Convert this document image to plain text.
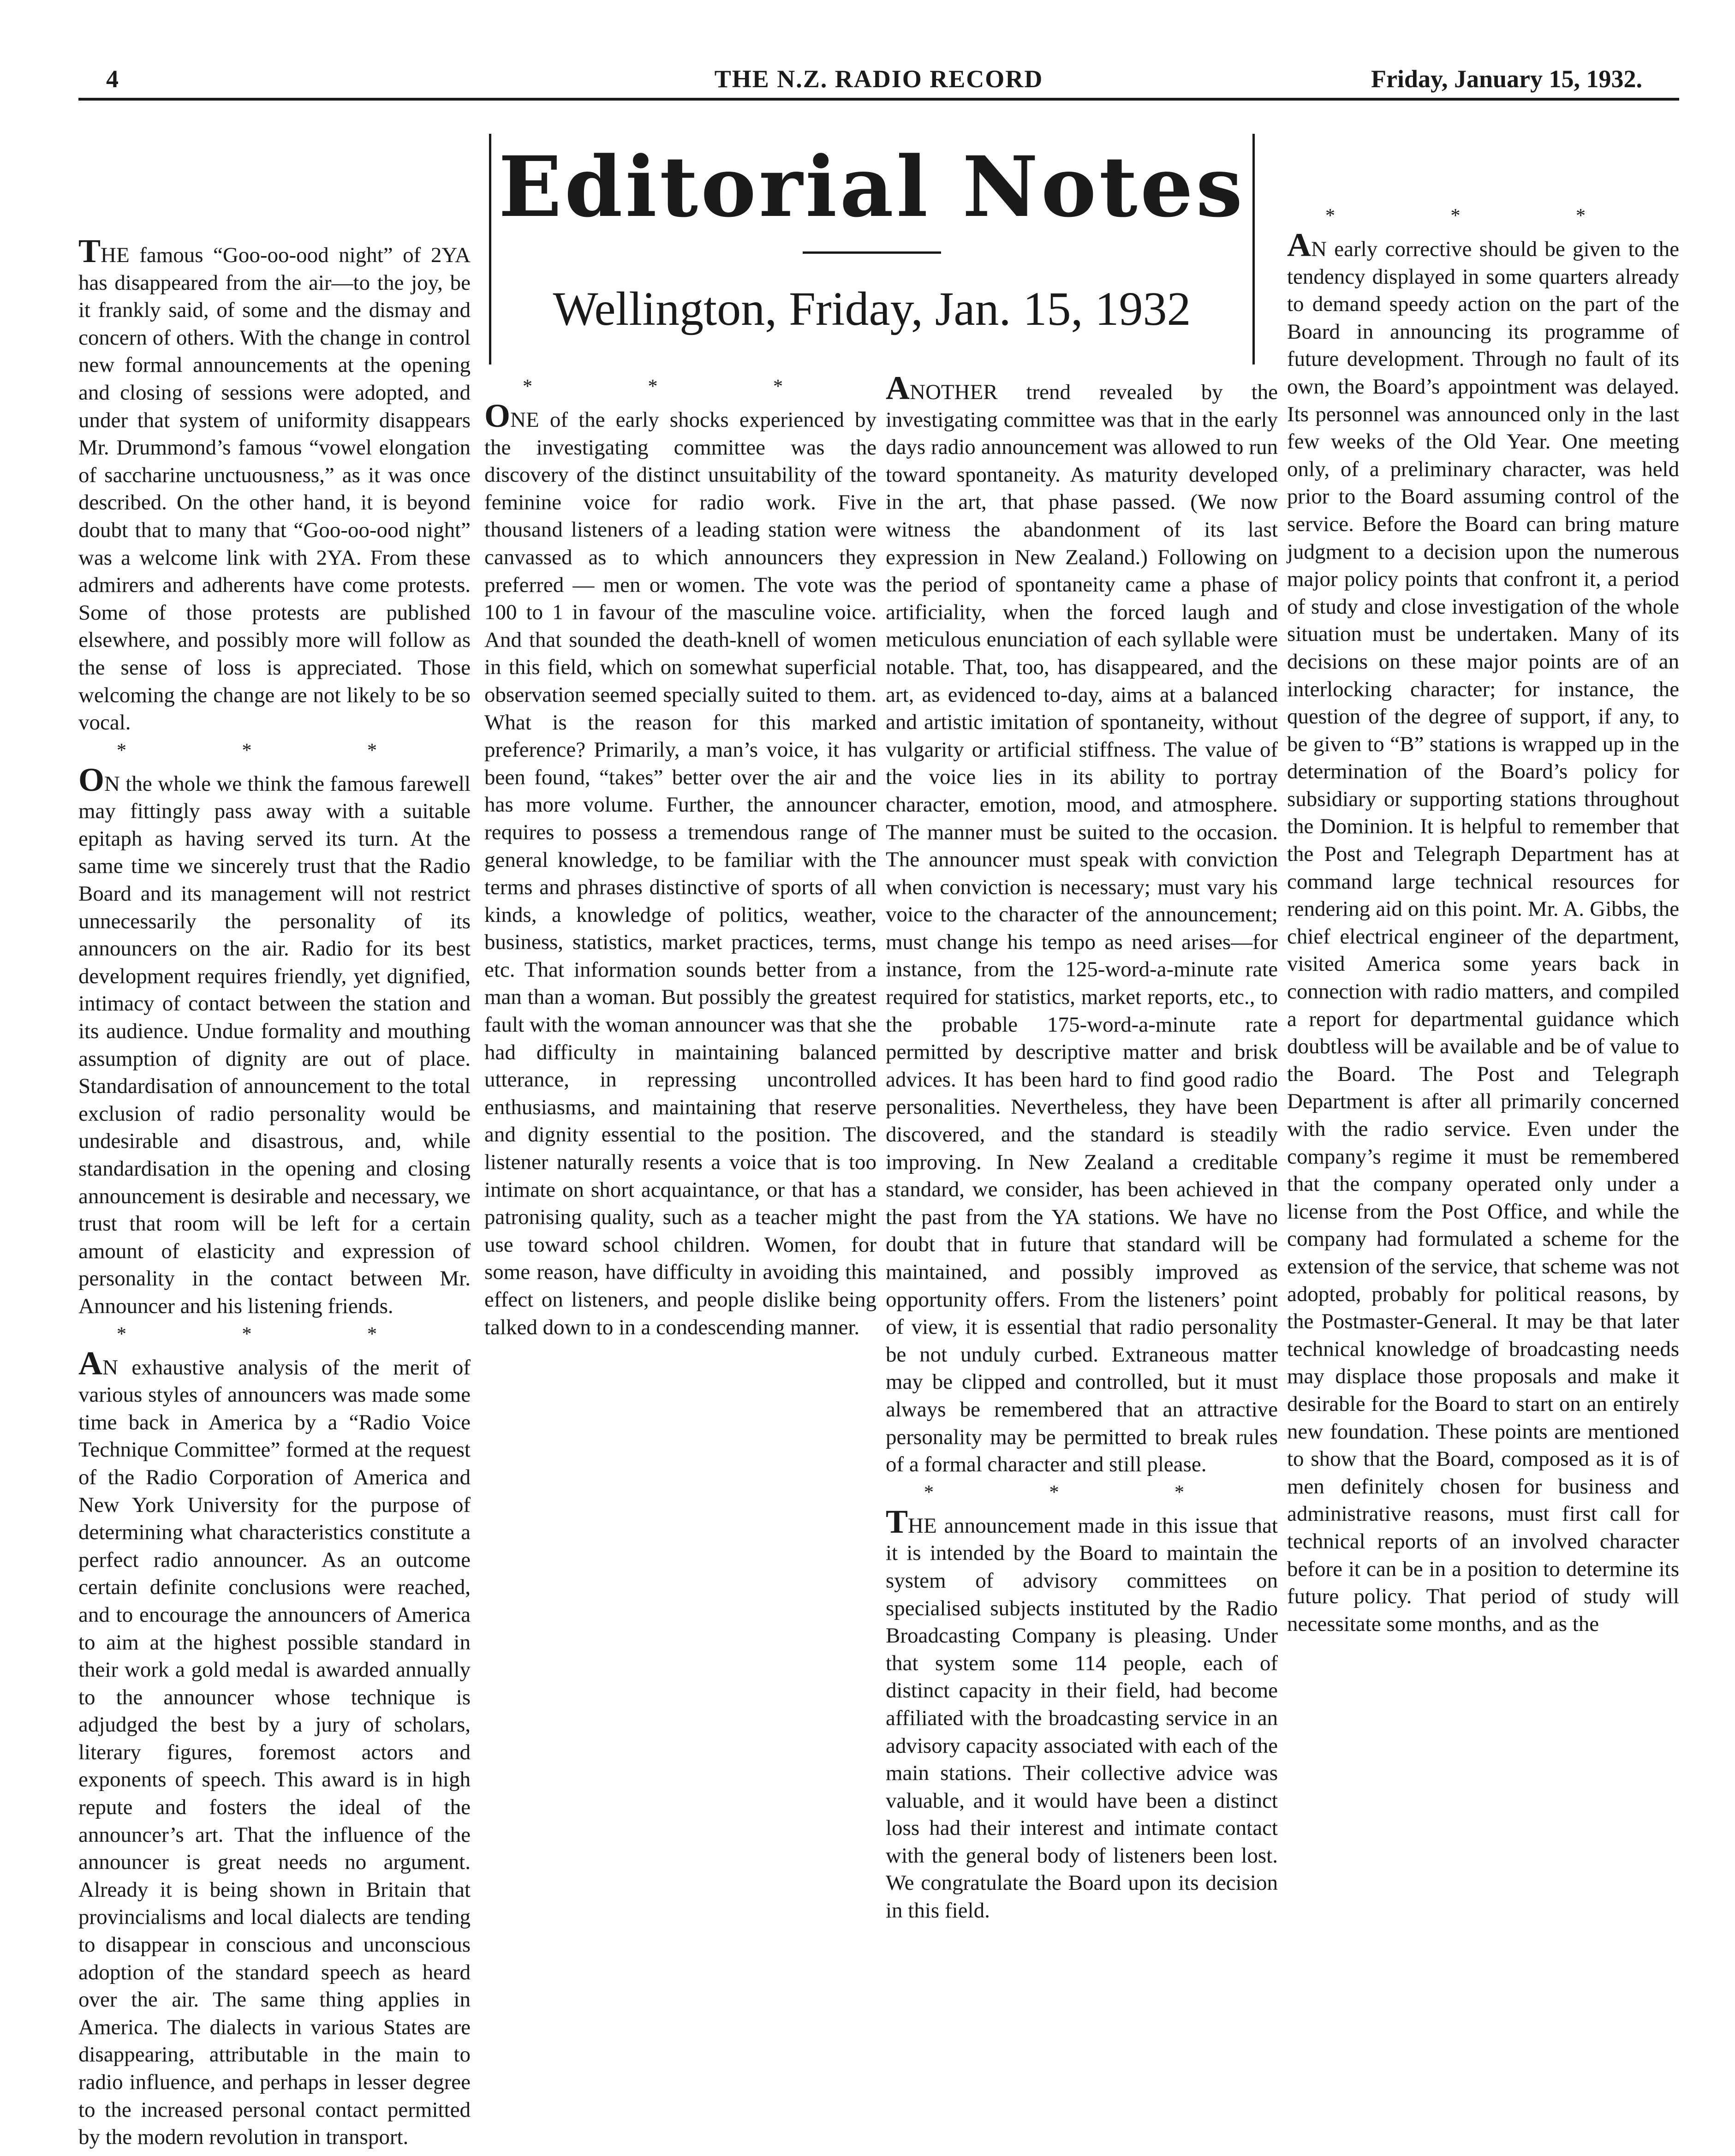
4	THE N.Z. RADIO RECORD	Friday, January 15, 1932.
Editorial Notes
Wellington, Friday, Jan. 15, 1932

THE famous “Goo-oo-ood night” of 2YA has disappeared from the air—to the joy, be it frankly said, of some and the dismay and concern of others. With the change in control new formal announcements at the opening and closing of sessions were adopted, and under that system of uniformity disappears Mr. Drummond’s famous “vowel elongation of saccharine unctuousness,” as it was once described. On the other hand, it is beyond doubt that to many that “Goo-oo-ood night” was a welcome link with 2YA. From these admirers and adherents have come protests. Some of those protests are published elsewhere, and possibly more will follow as the sense of loss is appreciated. Those welcoming the change are not likely to be so vocal.

* * *

ON the whole we think the famous farewell may fittingly pass away with a suitable epitaph as having served its turn. At the same time we sincerely trust that the Radio Board and its management will not restrict unnecessarily the personality of its announcers on the air. Radio for its best development requires friendly, yet dignified, intimacy of contact between the station and its audience. Undue formality and mouthing assumption of dignity are out of place. Standardisation of announcement to the total exclusion of radio personality would be undesirable and disastrous, and, while standardisation in the opening and closing announcement is desirable and necessary, we trust that room will be left for a certain amount of elasticity and expression of personality in the contact between Mr. Announcer and his listening friends.

* * *

AN exhaustive analysis of the merit of various styles of announcers was made some time back in America by a “Radio Voice Technique Committee” formed at the request of the Radio Corporation of America and New York University for the purpose of determining what characteristics constitute a perfect radio announcer. As an outcome certain definite conclusions were reached, and to encourage the announcers of America to aim at the highest possible standard in their work a gold medal is awarded annually to the announcer whose technique is adjudged the best by a jury of scholars, literary figures, foremost actors and exponents of speech. This award is in high repute and fosters the ideal of the announcer’s art. That the influence of the announcer is great needs no argument. Already it is being shown in Britain that provincialisms and local dialects are tending to disappear in conscious and unconscious adoption of the standard speech as heard over the air. The same thing applies in America. The dialects in various States are disappearing, attributable in the main to radio influence, and perhaps in lesser degree to the increased personal contact permitted by the modern revolution in transport.

* * *

ONE of the early shocks experienced by the investigating committee was the discovery of the distinct unsuitability of the feminine voice for radio work. Five thousand listeners of a leading station were canvassed as to which announcers they preferred — men or women. The vote was 100 to 1 in favour of the masculine voice. And that sounded the death-knell of women in this field, which on somewhat superficial observation seemed specially suited to them. What is the reason for this marked preference? Primarily, a man’s voice, it has been found, “takes” better over the air and has more volume. Further, the announcer requires to possess a tremendous range of general knowledge, to be familiar with the terms and phrases distinctive of sports of all kinds, a knowledge of politics, weather, business, statistics, market practices, terms, etc. That information sounds better from a man than a woman. But possibly the greatest fault with the woman announcer was that she had difficulty in maintaining balanced utterance, in repressing uncontrolled enthusiasms, and maintaining that reserve and dignity essential to the position. The listener naturally resents a voice that is too intimate on short acquaintance, or that has a patronising quality, such as a teacher might use toward school children. Women, for some reason, have difficulty in avoiding this effect on listeners, and people dislike being talked down to in a condescending manner.

ANOTHER trend revealed by the investigating committee was that in the early days radio announcement was allowed to run toward spontaneity. As maturity developed in the art, that phase passed. (We now witness the abandonment of its last expression in New Zealand.) Following on the period of spontaneity came a phase of artificiality, when the forced laugh and meticulous enunciation of each syllable were notable. That, too, has disappeared, and the art, as evidenced to-day, aims at a balanced and artistic imitation of spontaneity, without vulgarity or artificial stiffness. The value of the voice lies in its ability to portray character, emotion, mood, and atmosphere. The manner must be suited to the occasion. The announcer must speak with conviction when conviction is necessary; must vary his voice to the character of the announcement; must change his tempo as need arises—for instance, from the 125-word-a-minute rate required for statistics, market reports, etc., to the probable 175-word-a-minute rate permitted by descriptive matter and brisk advices. It has been hard to find good radio personalities. Nevertheless, they have been discovered, and the standard is steadily improving. In New Zealand a creditable standard, we consider, has been achieved in the past from the YA stations. We have no doubt that in future that standard will be maintained, and possibly improved as opportunity offers. From the listeners’ point of view, it is essential that radio personality be not unduly curbed. Extraneous matter may be clipped and controlled, but it must always be remembered that an attractive personality may be permitted to break rules of a formal character and still please.

* * *

THE announcement made in this issue that it is intended by the Board to maintain the system of advisory committees on specialised subjects instituted by the Radio Broadcasting Company is pleasing. Under that system some 114 people, each of distinct capacity in their field, had become affiliated with the broadcasting service in an advisory capacity associated with each of the main stations. Their collective advice was valuable, and it would have been a distinct loss had their interest and intimate contact with the general body of listeners been lost. We congratulate the Board upon its decision in this field.

* * *

AN early corrective should be given to the tendency displayed in some quarters already to demand speedy action on the part of the Board in announcing its programme of future development. Through no fault of its own, the Board’s appointment was delayed. Its personnel was announced only in the last few weeks of the Old Year. One meeting only, of a preliminary character, was held prior to the Board assuming control of the service. Before the Board can bring mature judgment to a decision upon the numerous major policy points that confront it, a period of study and close investigation of the whole situation must be undertaken. Many of its decisions on these major points are of an interlocking character; for instance, the question of the degree of support, if any, to be given to “B” stations is wrapped up in the determination of the Board’s policy for subsidiary or supporting stations throughout the Dominion. It is helpful to remember that the Post and Telegraph Department has at command large technical resources for rendering aid on this point. Mr. A. Gibbs, the chief electrical engineer of the department, visited America some years back in connection with radio matters, and compiled a report for departmental guidance which doubtless will be available and be of value to the Board. The Post and Telegraph Department is after all primarily concerned with the radio service. Even under the company’s regime it must be remembered that the company operated only under a license from the Post Office, and while the company had formulated a scheme for the extension of the service, that scheme was not adopted, probably for political reasons, by the Postmaster-General. It may be that later technical knowledge of broadcasting needs may displace those proposals and make it desirable for the Board to start on an entirely new foundation. These points are mentioned to show that the Board, composed as it is of men definitely chosen for business and administrative reasons, must first call for technical reports of an involved character before it can be in a position to determine its future policy. That period of study will necessitate some months, and as the
